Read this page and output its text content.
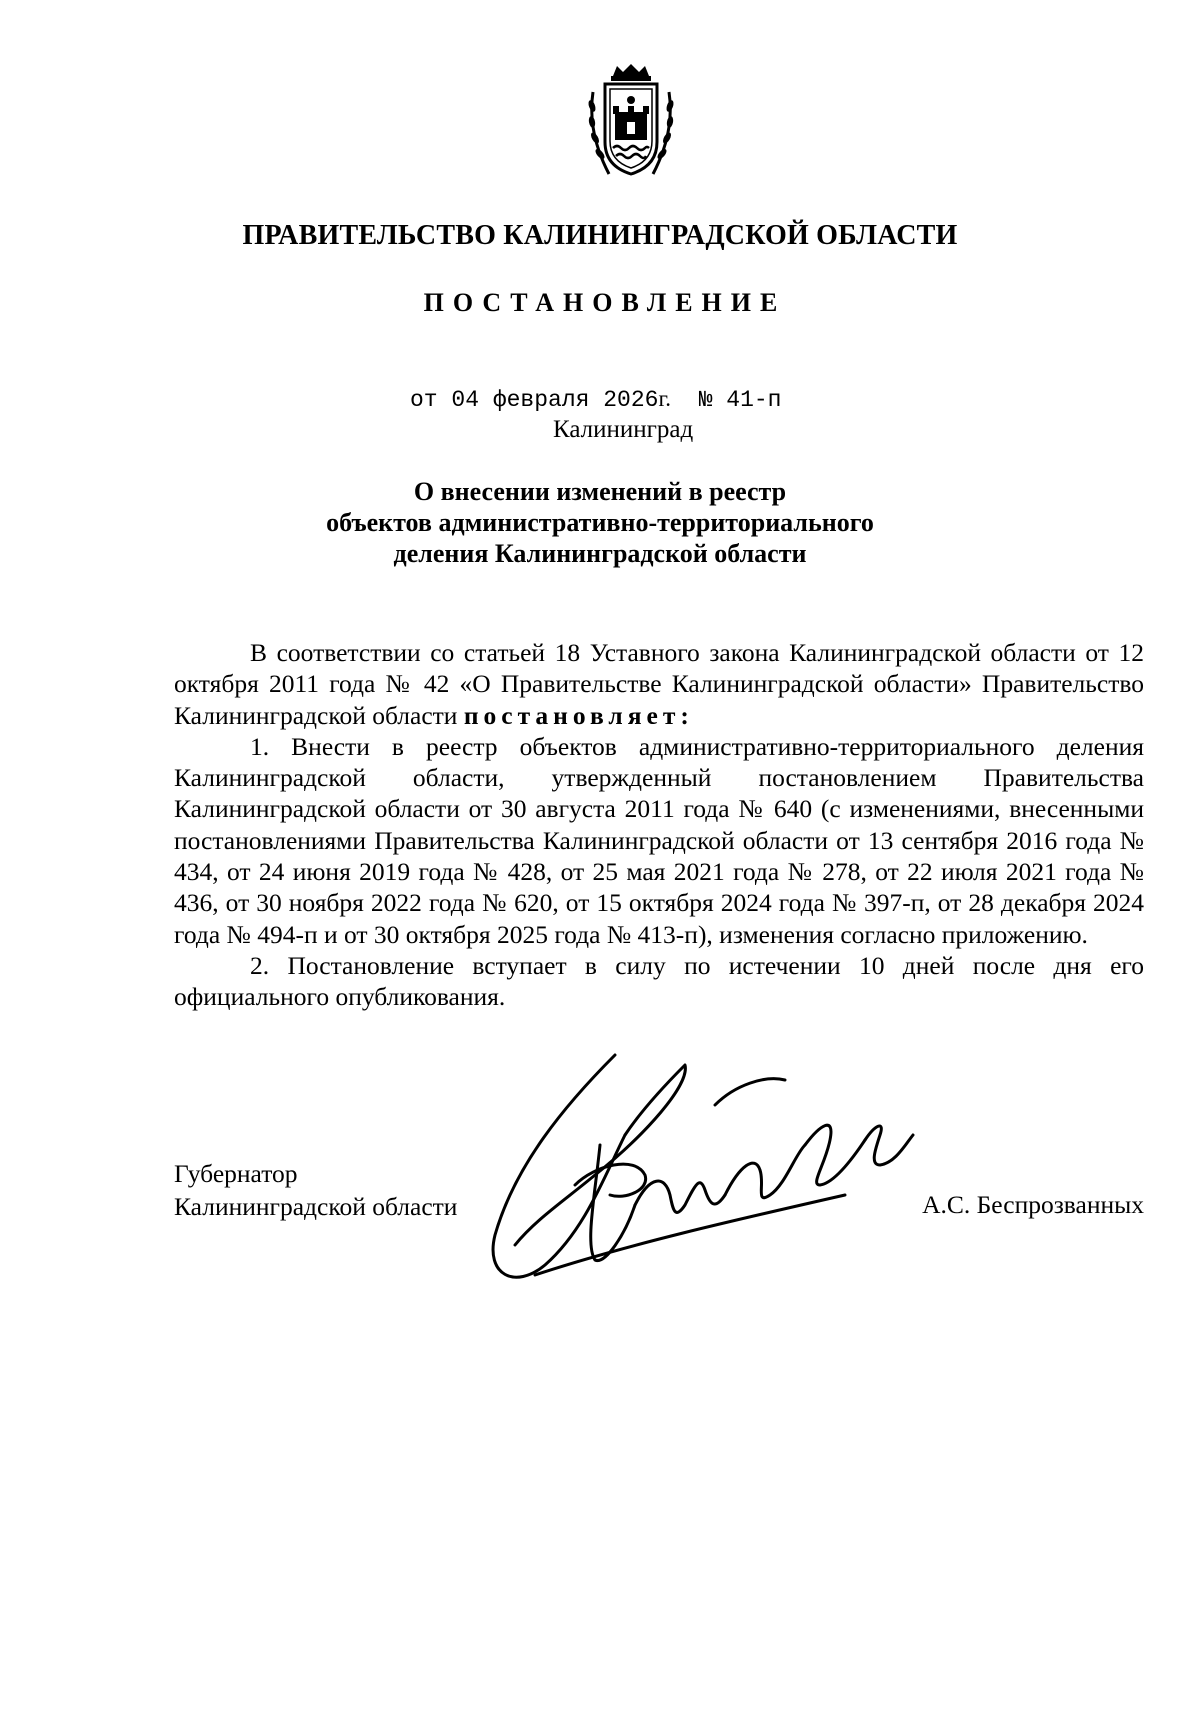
ПРАВИТЕЛЬСТВО КАЛИНИНГРАДСКОЙ ОБЛАСТИ
ПОСТАНОВЛЕНИЕ
от 04 февраля 2026г. № 41-п
Калининград
О внесении изменений в реестр
объектов административно-территориального
деления Калининградской области

В соответствии со статьей 18 Уставного закона Калининградской области от 12 октября 2011 года № 42 «О Правительстве Калининградской области» Правительство Калининградской области постановляет:

1. Внести в реестр объектов административно-территориального деления Калининградской области, утвержденный постановлением Правительства Калининградской области от 30 августа 2011 года № 640 (с изменениями, внесенными постановлениями Правительства Калининградской области от 13 сентября 2016 года № 434, от 24 июня 2019 года № 428, от 25 мая 2021 года № 278, от 22 июля 2021 года № 436, от 30 ноября 2022 года № 620, от 15 октября 2024 года № 397-п, от 28 декабря 2024 года № 494-п и от 30 октября 2025 года № 413-п), изменения согласно приложению.

2. Постановление вступает в силу по истечении 10 дней после дня его официального опубликования.

Губернатор
Калининградской области	А.С. Беспрозванных
